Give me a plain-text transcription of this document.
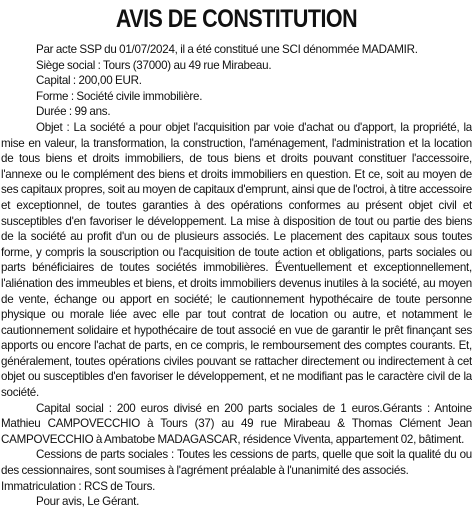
AVIS DE CONSTITUTION

Par acte SSP du 01/07/2024, il a été constitué une SCI dénommée MADAMIR.

Siège social : Tours (37000) au 49 rue Mirabeau.

Capital : 200,00 EUR.

Forme : Société civile immobilière.

Durée : 99 ans.

Objet : La société a pour objet l'acquisition par voie d'achat ou d'apport, la propriété, la mise en valeur, la transformation, la construction, l'aménagement, l'administration et la location de tous biens et droits immobiliers, de tous biens et droits pouvant constituer l'accessoire, l'annexe ou le complément des biens et droits immobiliers en question. Et ce, soit au moyen de ses capitaux propres, soit au moyen de capitaux d'emprunt, ainsi que de l'octroi, à titre accessoire et exceptionnel, de toutes garanties à des opérations conformes au présent objet civil et susceptibles d'en favoriser le développement. La mise à disposition de tout ou partie des biens de la société au profit d'un ou de plusieurs associés. Le placement des capitaux sous toutes forme, y compris la souscription ou l'acquisition de toute action et obligations, parts sociales ou parts bénéficiaires de toutes sociétés immobilières. Éventuellement et exceptionnellement, l'aliénation des immeubles et biens, et droits immobiliers devenus inutiles à la société, au moyen de vente, échange ou apport en société; le cautionnement hypothécaire de toute personne physique ou morale liée avec elle par tout contrat de location ou autre, et notamment le cautionnement solidaire et hypothécaire de tout associé en vue de garantir le prêt finançant ses apports ou encore l'achat de parts, en ce compris, le remboursement des comptes courants. Et, généralement, toutes opérations civiles pouvant se rattacher directement ou indirectement à cet objet ou susceptibles d'en favoriser le développement, et ne modifiant pas le caractère civil de la société.

Capital social : 200 euros divisé en 200 parts sociales de 1 euros.Gérants : Antoine Mathieu CAMPOVECCHIO à Tours (37) au 49 rue Mirabeau & Thomas Clément Jean CAMPOVECCHIO à Ambatobe MADAGASCAR, résidence Viventa, appartement 02, bâtiment.

Cessions de parts sociales : Toutes les cessions de parts, quelle que soit la qualité du ou des cessionnaires, sont soumises à l'agrément préalable à l'unanimité des associés.

Immatriculation : RCS de Tours.

Pour avis, Le Gérant.
